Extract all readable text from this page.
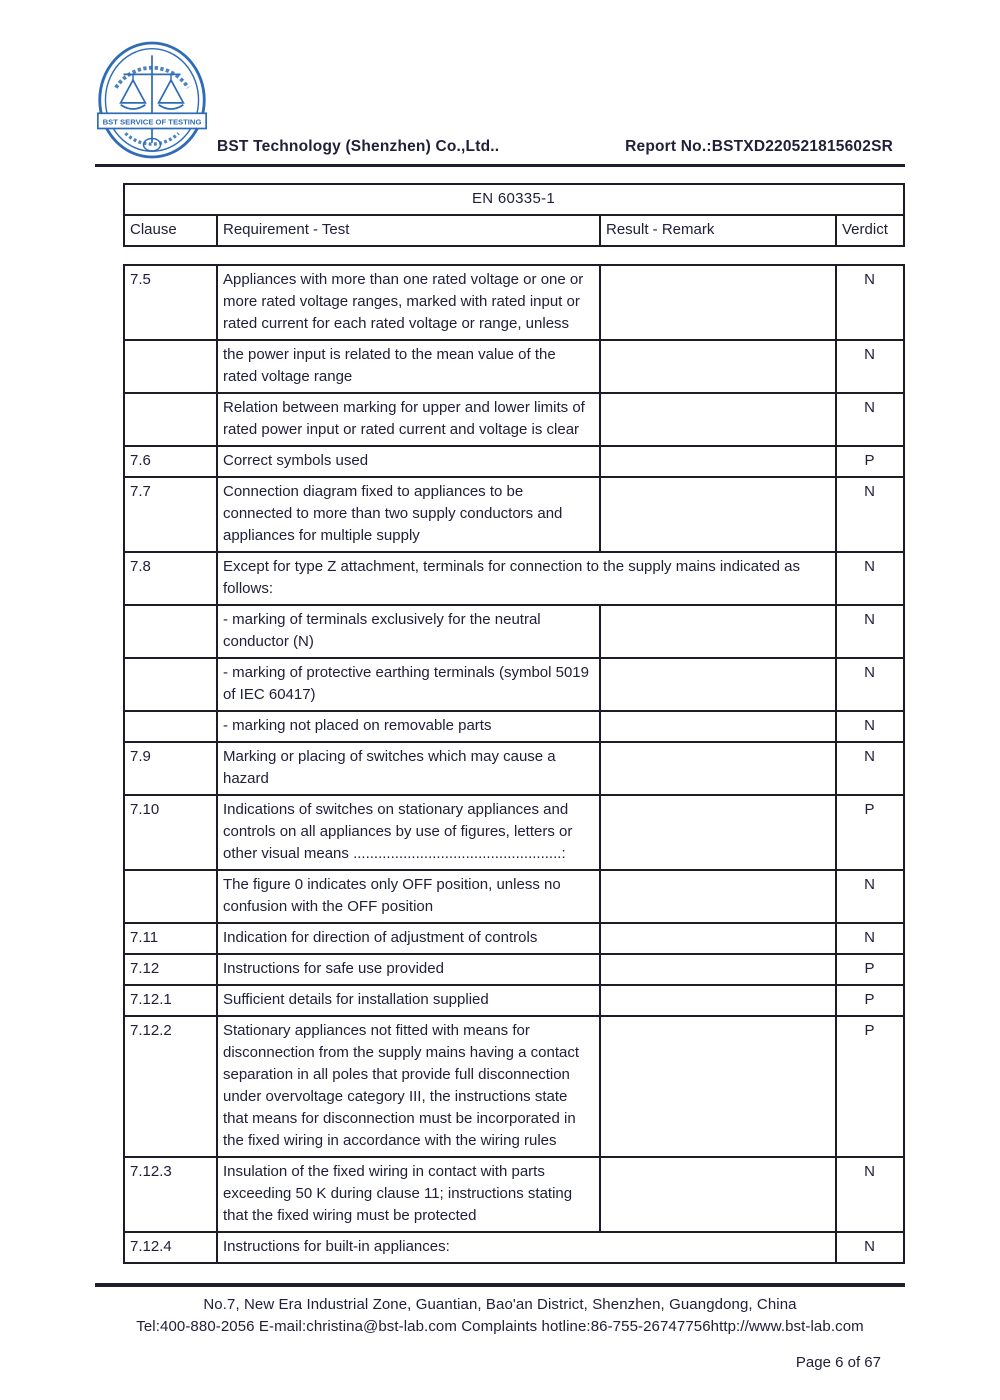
BST SERVICE OF TESTING
BST Technology (Shenzhen) Co.,Ltd..	Report No.:BSTXD220521815602SR
EN 60335-1
Clause	Requirement - Test	Result - Remark	Verdict
7.5	Appliances with more than one rated voltage or one or more rated voltage ranges, marked with rated input or rated current for each rated voltage or range, unless		N
	the power input is related to the mean value of the rated voltage range		N
	Relation between marking for upper and lower limits of rated power input or rated current and voltage is clear		N
7.6	Correct symbols used		P
7.7	Connection diagram fixed to appliances to be connected to more than two supply conductors and appliances for multiple supply		N
7.8	Except for type Z attachment, terminals for connection to the supply mains indicated as follows:		N
	- marking of terminals exclusively for the neutral conductor (N)		N
	- marking of protective earthing terminals (symbol 5019 of IEC 60417)		N
	- marking not placed on removable parts		N
7.9	Marking or placing of switches which may cause a hazard		N
7.10	Indications of switches on stationary appliances and controls on all appliances by use of figures, letters or other visual means ..................................................:		P
	The figure 0 indicates only OFF position, unless no confusion with the OFF position		N
7.11	Indication for direction of adjustment of controls		N
7.12	Instructions for safe use provided		P
7.12.1	Sufficient details for installation supplied		P
7.12.2	Stationary appliances not fitted with means for disconnection from the supply mains having a contact separation in all poles that provide full disconnection under overvoltage category III, the instructions state that means for disconnection must be incorporated in the fixed wiring in accordance with the wiring rules		P
7.12.3	Insulation of the fixed wiring in contact with parts exceeding 50 K during clause 11; instructions stating that the fixed wiring must be protected		N
7.12.4	Instructions for built-in appliances:		N
No.7, New Era Industrial Zone, Guantian, Bao'an District, Shenzhen, Guangdong, China
Tel:400-880-2056 E-mail:christina@bst-lab.com Complaints hotline:86-755-26747756http://www.bst-lab.com
Page 6 of 67
